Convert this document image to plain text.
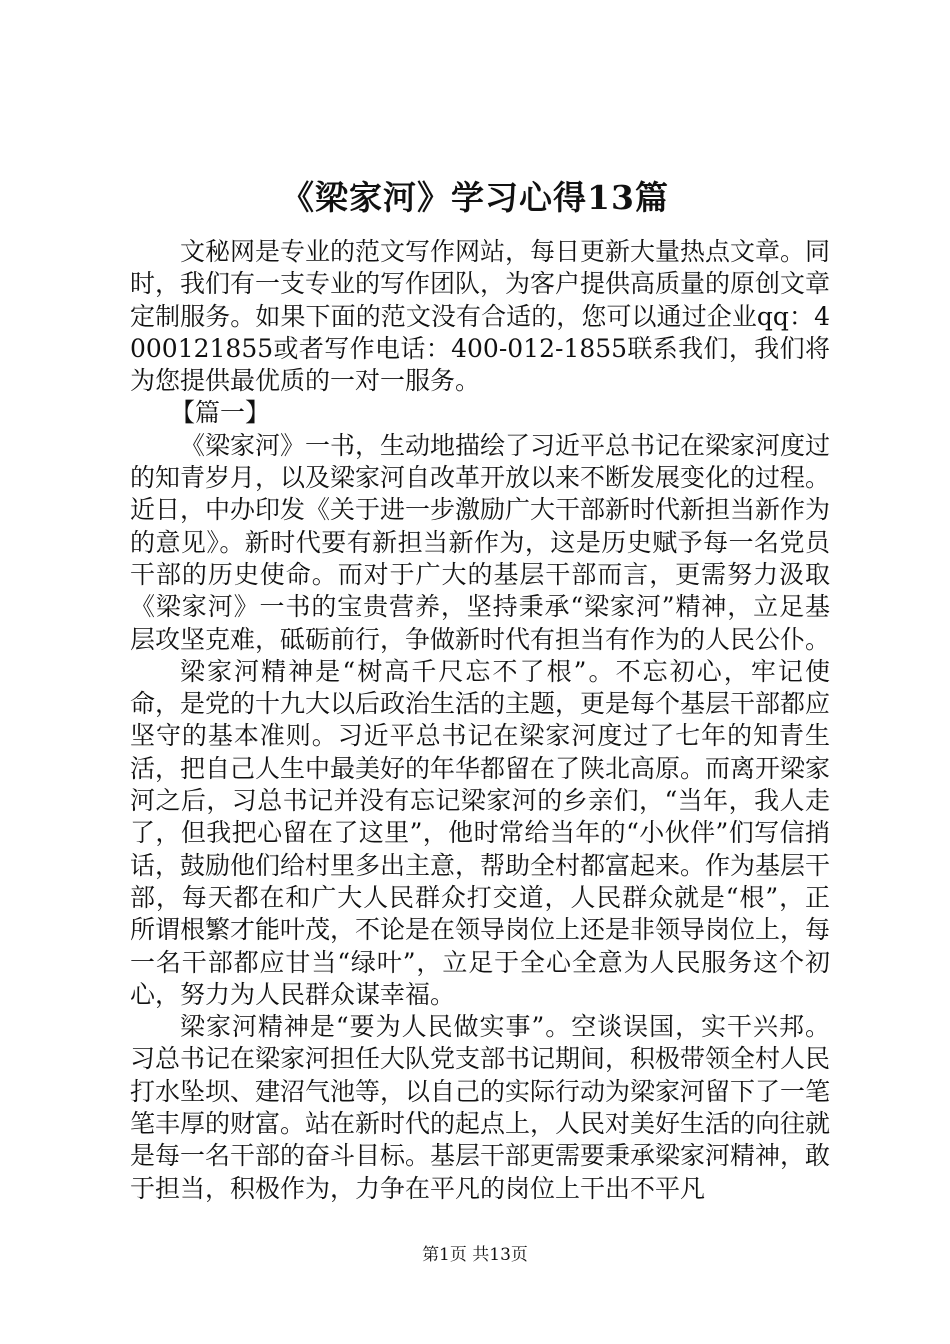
《梁家河》学习心得13篇

文秘网是专业的范文写作网站，每日更新大量热点文章。同时，我们有一支专业的写作团队，为客户提供高质量的原创文章定制服务。如果下面的范文没有合适的，您可以通过企业qq：4000121855或者写作电话：400-012-1855联系我们，我们将为您提供最优质的一对一服务。

【篇一】

《梁家河》一书，生动地描绘了习近平总书记在梁家河度过的知青岁月，以及梁家河自改革开放以来不断发展变化的过程。近日，中办印发《关于进一步激励广大干部新时代新担当新作为的意见》。新时代要有新担当新作为，这是历史赋予每一名党员干部的历史使命。而对于广大的基层干部而言，更需努力汲取《梁家河》一书的宝贵营养，坚持秉承“梁家河”精神，立足基层攻坚克难，砥砺前行，争做新时代有担当有作为的人民公仆。

梁家河精神是“树高千尺忘不了根”。不忘初心，牢记使命，是党的十九大以后政治生活的主题，更是每个基层干部都应坚守的基本准则。习近平总书记在梁家河度过了七年的知青生活，把自己人生中最美好的年华都留在了陕北高原。而离开梁家河之后，习总书记并没有忘记梁家河的乡亲们，“当年，我人走了，但我把心留在了这里”，他时常给当年的“小伙伴”们写信捎话，鼓励他们给村里多出主意，帮助全村都富起来。作为基层干部，每天都在和广大人民群众打交道，人民群众就是“根”，正所谓根繁才能叶茂，不论是在领导岗位上还是非领导岗位上，每一名干部都应甘当“绿叶”，立足于全心全意为人民服务这个初心，努力为人民群众谋幸福。

梁家河精神是“要为人民做实事”。空谈误国，实干兴邦。习总书记在梁家河担任大队党支部书记期间，积极带领全村人民打水坠坝、建沼气池等，以自己的实际行动为梁家河留下了一笔笔丰厚的财富。站在新时代的起点上，人民对美好生活的向往就是每一名干部的奋斗目标。基层干部更需要秉承梁家河精神，敢于担当，积极作为，力争在平凡的岗位上干出不平凡

第1页 共13页
